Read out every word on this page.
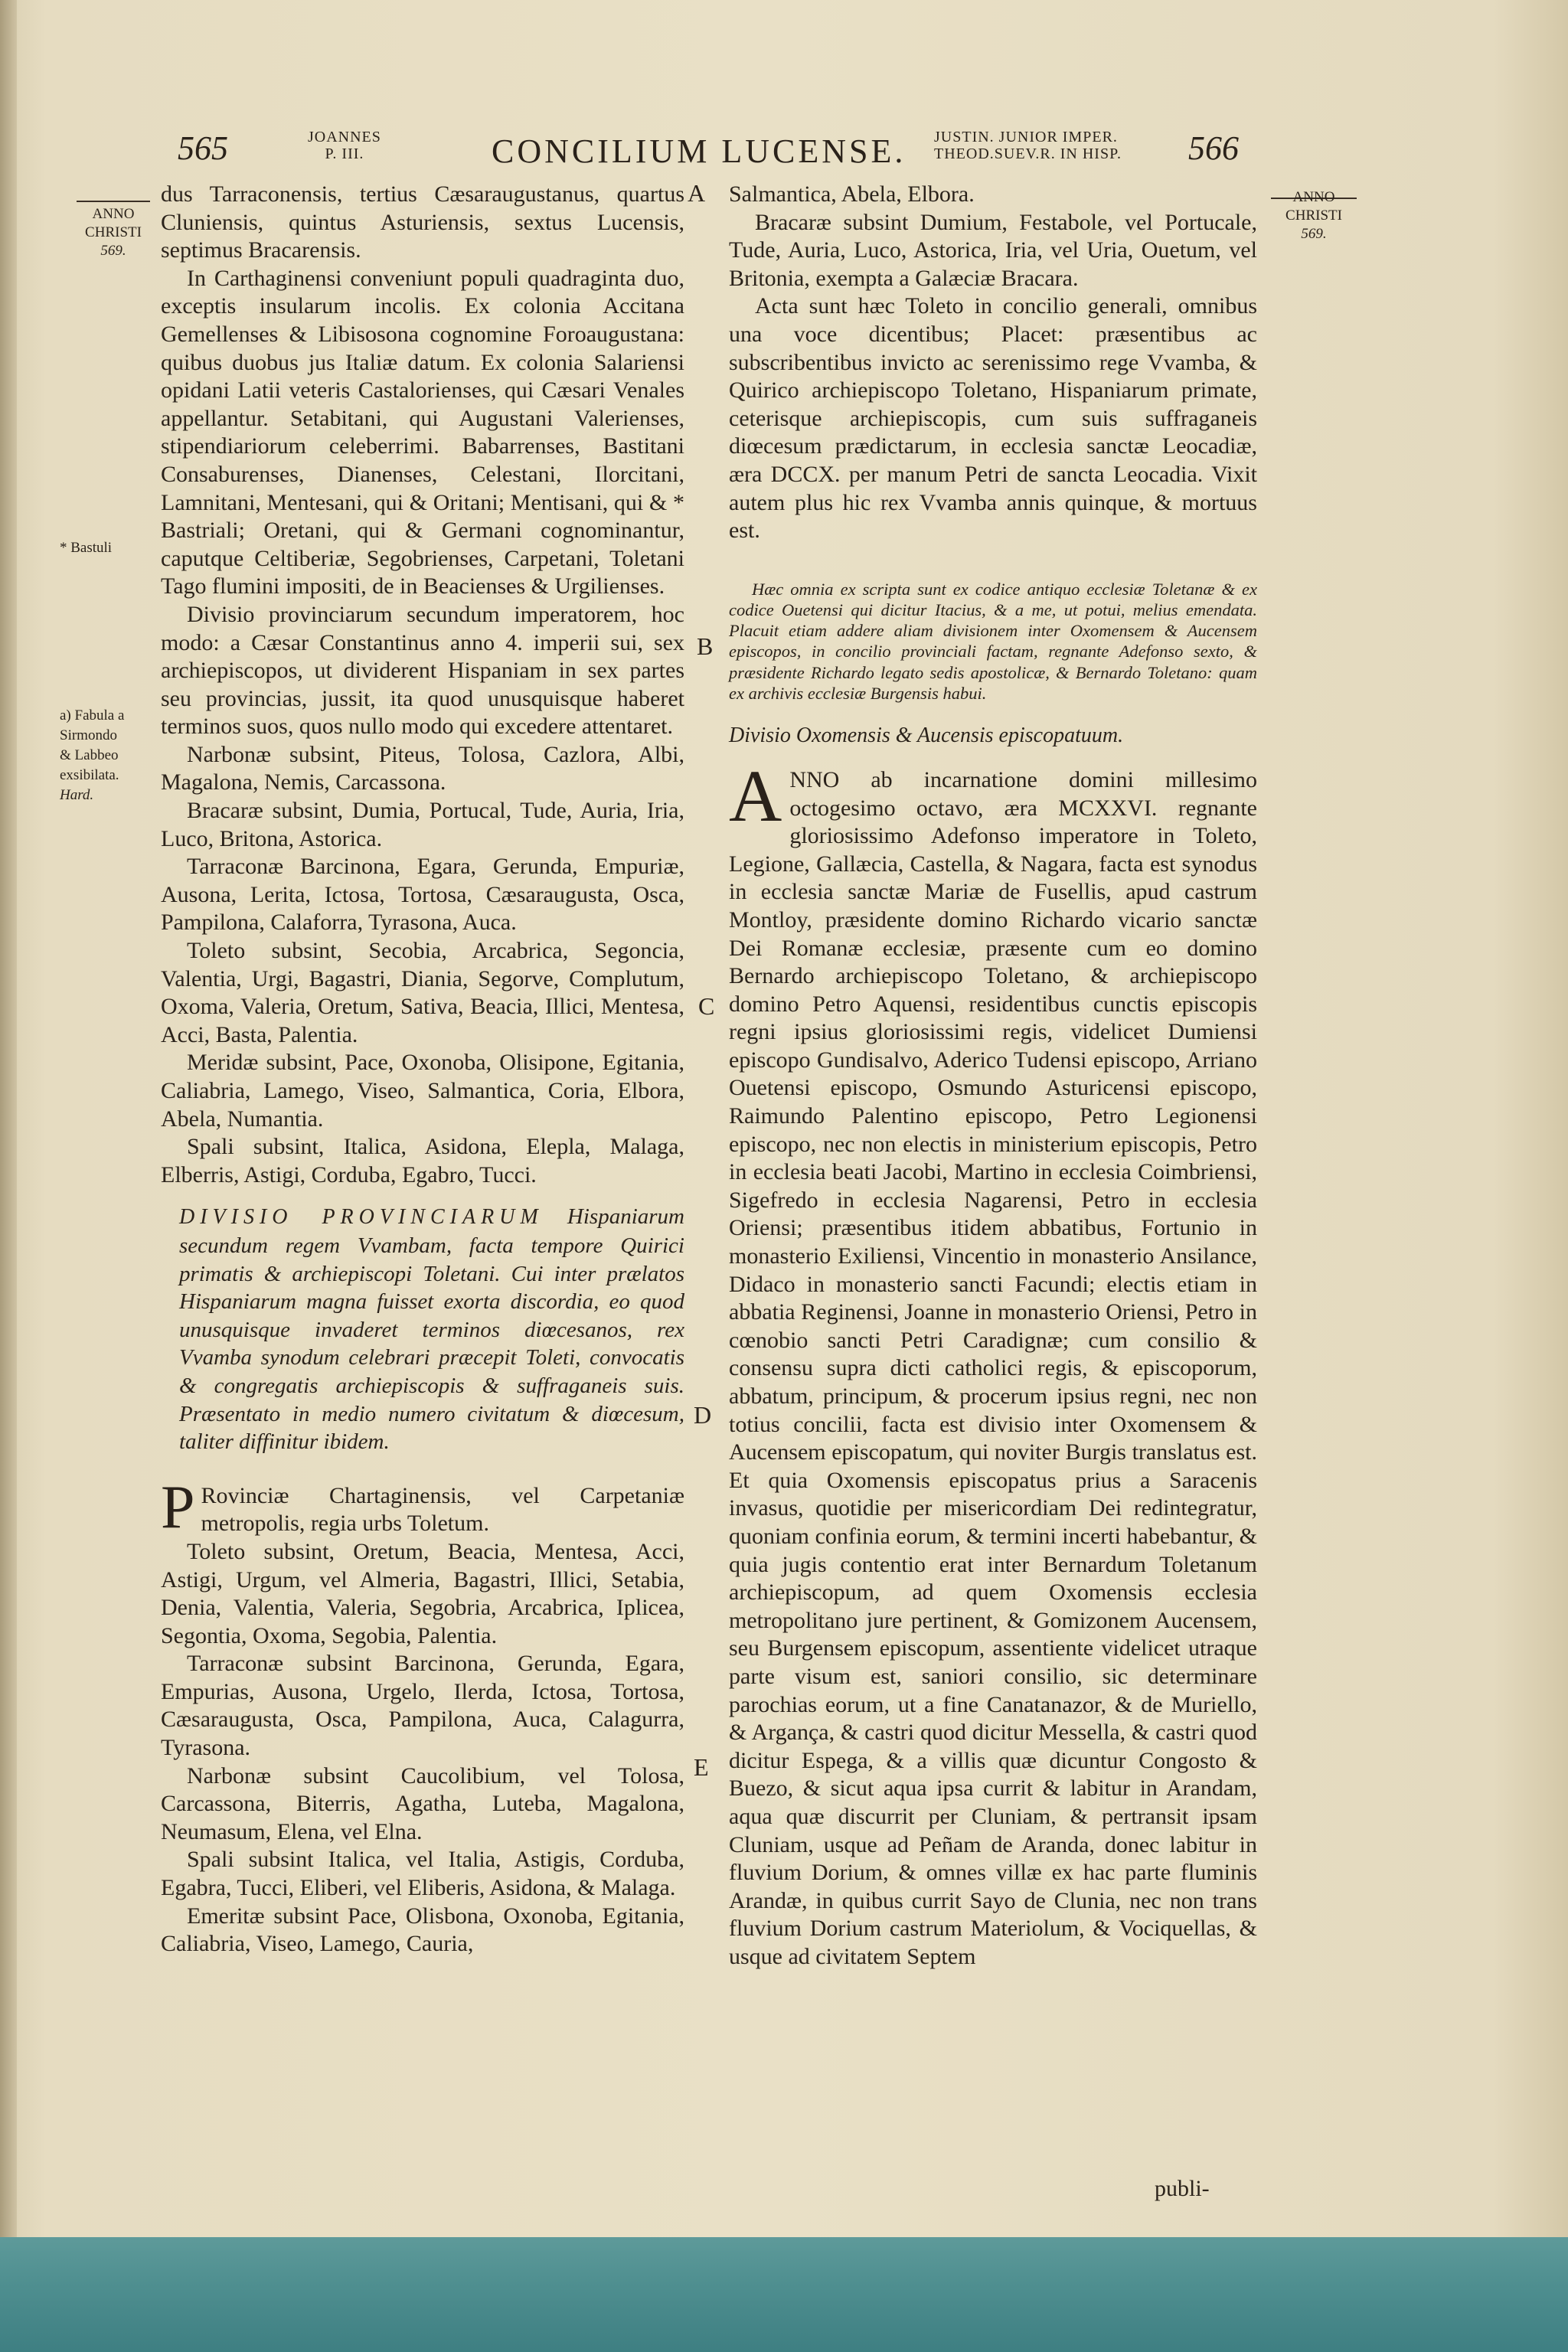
565	JOANNES
P. III.	CONCILIUM LUCENSE. JUSTIN. JUNIOR IMPER.
THEOD.SUEV.R. IN HISP. 566
ANNO
CHRISTI
569.
ANNO
CHRISTI
569.
* Bastuli
a) Fabula a
Sirmondo
& Labbeo
exsibilata.
Hard.
A
B
C
D
E

dus Tarraconensis, tertius Cæsaraugustanus, quartus Cluniensis, quintus Asturiensis, sextus Lucensis, septimus Bracarensis.

In Carthaginensi conveniunt populi quadraginta duo, exceptis insularum incolis. Ex colonia Accitana Gemellenses & Libisosona cognomine Foroaugustana: quibus duobus jus Italiæ datum. Ex colonia Salariensi opidani Latii veteris Castalorienses, qui Cæsari Venales appellantur. Setabitani, qui Augustani Valerienses, stipendiariorum celeberrimi. Babarrenses, Bastitani Consaburenses, Dianenses, Celestani, Ilorcitani, Lamnitani, Mentesani, qui & Oritani; Mentisani, qui & * Bastriali; Oretani, qui & Germani cognominantur, caputque Celtiberiæ, Segobrienses, Carpetani, Toletani Tago flumini impositi, de in Beacienses & Urgilienses.

Divisio provinciarum secundum imperatorem, hoc modo: a Cæsar Constantinus anno 4. imperii sui, sex archiepiscopos, ut dividerent Hispaniam in sex partes seu provincias, jussit, ita quod unusquisque haberet terminos suos, quos nullo modo qui excedere attentaret.

Narbonæ subsint, Piteus, Tolosa, Cazlora, Albi, Magalona, Nemis, Carcassona.

Bracaræ subsint, Dumia, Portucal, Tude, Auria, Iria, Luco, Britona, Astorica.

Tarraconæ Barcinona, Egara, Gerunda, Empuriæ, Ausona, Lerita, Ictosa, Tortosa, Cæsaraugusta, Osca, Pampilona, Calaforra, Tyrasona, Auca.

Toleto subsint, Secobia, Arcabrica, Segoncia, Valentia, Urgi, Bagastri, Diania, Segorve, Complutum, Oxoma, Valeria, Oretum, Sativa, Beacia, Illici, Mentesa, Acci, Basta, Palentia.

Meridæ subsint, Pace, Oxonoba, Olisipone, Egitania, Caliabria, Lamego, Viseo, Salmantica, Coria, Elbora, Abela, Numantia.

Spali subsint, Italica, Asidona, Elepla, Malaga, Elberris, Astigi, Corduba, Egabro, Tucci.

DIVISIO PROVINCIARUM Hispaniarum secundum regem Vvambam, facta tempore Quirici primatis & archiepiscopi Toletani. Cui inter prælatos Hispaniarum magna fuisset exorta discordia, eo quod unusquisque invaderet terminos diœcesanos, rex Vvamba synodum celebrari præcepit Toleti, convocatis & congregatis archiepiscopis & suffraganeis suis. Præsentato in medio numero civitatum & diœcesum, taliter diffinitur ibidem.

P Rovinciæ Chartaginensis, vel Carpetaniæ metropolis, regia urbs Toletum.

Toleto subsint, Oretum, Beacia, Mentesa, Acci, Astigi, Urgum, vel Almeria, Bagastri, Illici, Setabia, Denia, Valentia, Valeria, Segobria, Arcabrica, Iplicea, Segontia, Oxoma, Segobia, Palentia.

Tarraconæ subsint Barcinona, Gerunda, Egara, Empurias, Ausona, Urgelo, Ilerda, Ictosa, Tortosa, Cæsaraugusta, Osca, Pampilona, Auca, Calagurra, Tyrasona.

Narbonæ subsint Caucolibium, vel Tolosa, Carcassona, Biterris, Agatha, Luteba, Magalona, Neumasum, Elena, vel Elna.

Spali subsint Italica, vel Italia, Astigis, Corduba, Egabra, Tucci, Eliberi, vel Eliberis, Asidona, & Malaga.

Emeritæ subsint Pace, Olisbona, Oxonoba, Egitania, Caliabria, Viseo, Lamego, Cauria,

Salmantica, Abela, Elbora.

Bracaræ subsint Dumium, Festabole, vel Portucale, Tude, Auria, Luco, Astorica, Iria, vel Uria, Ouetum, vel Britonia, exempta a Galæciæ Bracara.

Acta sunt hæc Toleto in concilio generali, omnibus una voce dicentibus; Placet: præsentibus ac subscribentibus invicto ac serenissimo rege Vvamba, & Quirico archiepiscopo Toletano, Hispaniarum primate, ceterisque archiepiscopis, cum suis suffraganeis diœcesum prædictarum, in ecclesia sanctæ Leocadiæ, æra DCCX. per manum Petri de sancta Leocadia. Vixit autem plus hic rex Vvamba annis quinque, & mortuus est.

Hæc omnia ex scripta sunt ex codice antiquo ecclesiæ Toletanæ & ex codice Ouetensi qui dicitur Itacius, & a me, ut potui, melius emendata. Placuit etiam addere aliam divisionem inter Oxomensem & Aucensem episcopos, in concilio provinciali factam, regnante Adefonso sexto, & præsidente Richardo legato sedis apostolicæ, & Bernardo Toletano: quam ex archivis ecclesiæ Burgensis habui.

Divisio Oxomensis & Aucensis episcopatuum.

ANNO ab incarnatione domini millesimo octogesimo octavo, æra MCXXVI. regnante gloriosissimo Adefonso imperatore in Toleto, Legione, Gallæcia, Castella, & Nagara, facta est synodus in ecclesia sanctæ Mariæ de Fusellis, apud castrum Montloy, præsidente domino Richardo vicario sanctæ Dei Romanæ ecclesiæ, præsente cum eo domino Bernardo archiepiscopo Toletano, & archiepiscopo domino Petro Aquensi, residentibus cunctis episcopis regni ipsius gloriosissimi regis, videlicet Dumiensi episcopo Gundisalvo, Aderico Tudensi episcopo, Arriano Ouetensi episcopo, Osmundo Asturicensi episcopo, Raimundo Palentino episcopo, Petro Legionensi episcopo, nec non electis in ministerium episcopis, Petro in ecclesia beati Jacobi, Martino in ecclesia Coimbriensi, Sigefredo in ecclesia Nagarensi, Petro in ecclesia Oriensi; præsentibus itidem abbatibus, Fortunio in monasterio Exiliensi, Vincentio in monasterio Ansilance, Didaco in monasterio sancti Facundi; electis etiam in abbatia Reginensi, Joanne in monasterio Oriensi, Petro in cœnobio sancti Petri Caradignæ; cum consilio & consensu supra dicti catholici regis, & episcoporum, abbatum, principum, & procerum ipsius regni, nec non totius concilii, facta est divisio inter Oxomensem & Aucensem episcopatum, qui noviter Burgis translatus est. Et quia Oxomensis episcopatus prius a Saracenis invasus, quotidie per misericordiam Dei redintegratur, quoniam confinia eorum, & termini incerti habebantur, & quia jugis contentio erat inter Bernardum Toletanum archiepiscopum, ad quem Oxomensis ecclesia metropolitano jure pertinent, & Gomizonem Aucensem, seu Burgensem episcopum, assentiente videlicet utraque parte visum est, saniori consilio, sic determinare parochias eorum, ut a fine Canatanazor, & de Muriello, & Argança, & castri quod dicitur Messella, & castri quod dicitur Espega, & a villis quæ dicuntur Congosto & Buezo, & sicut aqua ipsa currit & labitur in Arandam, aqua quæ discurrit per Cluniam, & pertransit ipsam Cluniam, usque ad Peñam de Aranda, donec labitur in fluvium Dorium, & omnes villæ ex hac parte fluminis Arandæ, in quibus currit Sayo de Clunia, nec non trans fluvium Dorium castrum Materiolum, & Vociquellas, & usque ad civitatem Septem

publi-
